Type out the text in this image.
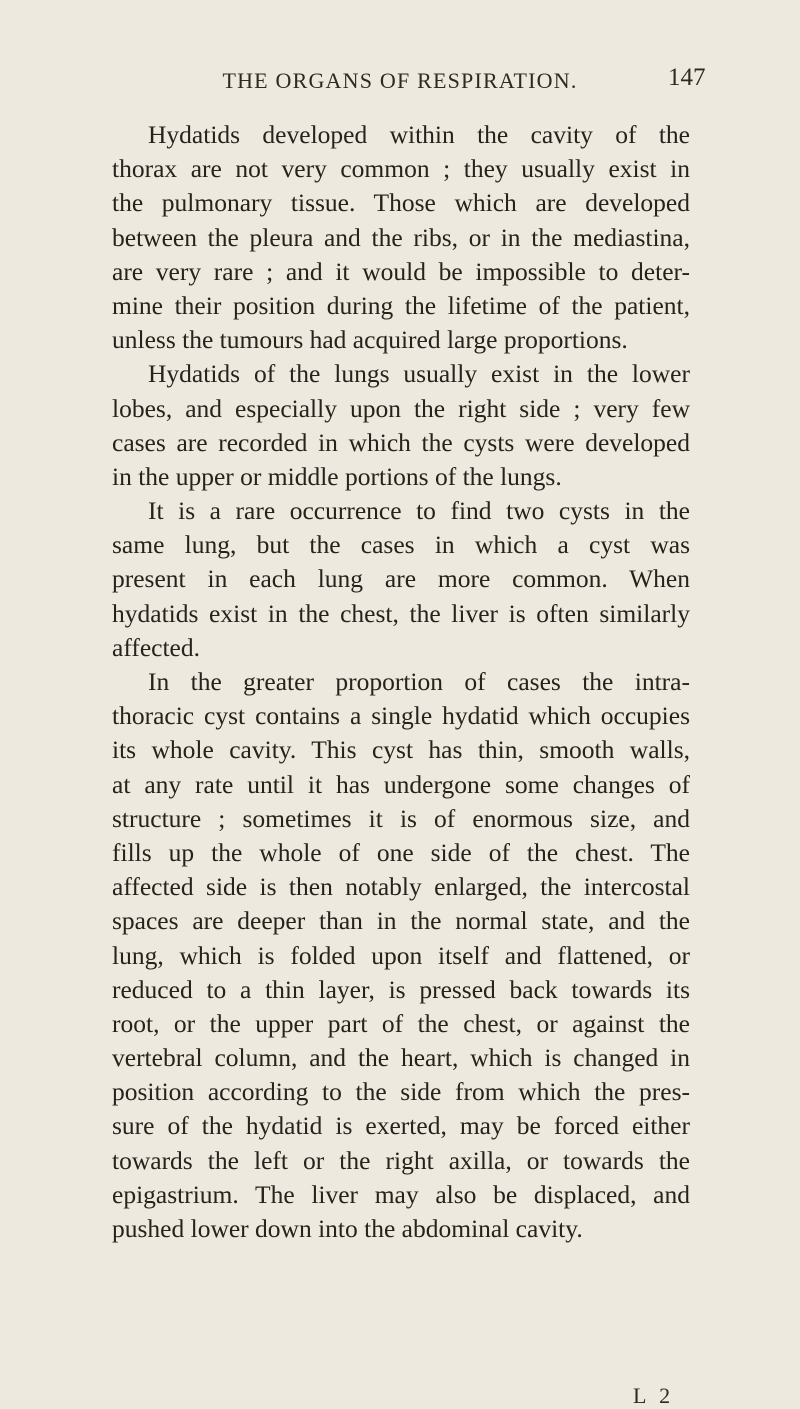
THE ORGANS OF RESPIRATION.	147
Hydatids developed within the cavity of the
thorax are not very common ; they usually exist in
the pulmonary tissue. Those which are developed
between the pleura and the ribs, or in the mediastina,
are very rare ; and it would be impossible to deter-
mine their position during the lifetime of the patient,
unless the tumours had acquired large proportions.
Hydatids of the lungs usually exist in the lower
lobes, and especially upon the right side ; very few
cases are recorded in which the cysts were developed
in the upper or middle portions of the lungs.
It is a rare occurrence to find two cysts in the
same lung, but the cases in which a cyst was
present in each lung are more common. When
hydatids exist in the chest, the liver is often similarly
affected.
In the greater proportion of cases the intra-
thoracic cyst contains a single hydatid which occupies
its whole cavity. This cyst has thin, smooth walls,
at any rate until it has undergone some changes of
structure ; sometimes it is of enormous size, and
fills up the whole of one side of the chest. The
affected side is then notably enlarged, the intercostal
spaces are deeper than in the normal state, and the
lung, which is folded upon itself and flattened, or
reduced to a thin layer, is pressed back towards its
root, or the upper part of the chest, or against the
vertebral column, and the heart, which is changed in
position according to the side from which the pres-
sure of the hydatid is exerted, may be forced either
towards the left or the right axilla, or towards the
epigastrium. The liver may also be displaced, and
pushed lower down into the abdominal cavity.
L 2
